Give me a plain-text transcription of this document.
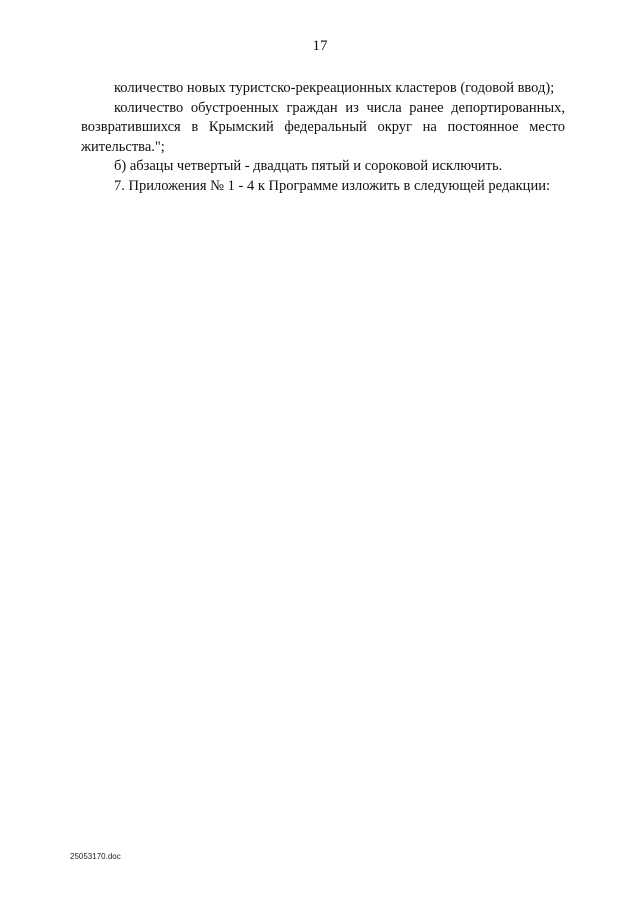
17

количество новых туристско-рекреационных кластеров (годовой ввод);

количество обустроенных граждан из числа ранее депортированных, возвратившихся в Крымский федеральный округ на постоянное место жительства.";

б) абзацы четвертый - двадцать пятый и сороковой исключить.

7. Приложения № 1 - 4 к Программе изложить в следующей редакции:

25053170.doc
